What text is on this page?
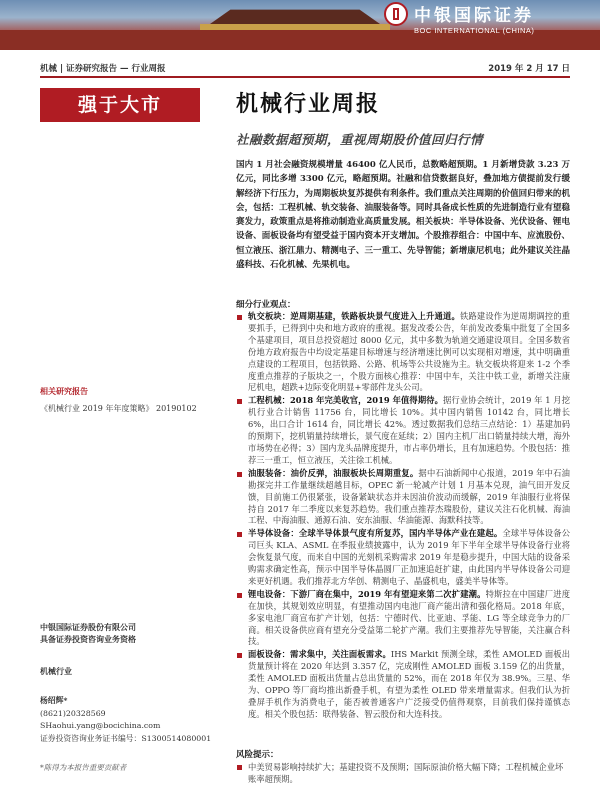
中银国际证券
BOC INTERNATIONAL (CHINA)
机械 | 证券研究报告 — 行业周报	2019 年 2 月 17 日
强于大市	机械行业周报
社融数据超预期，重视周期股价值回归行情

国内 1 月社会融资规模增量 46400 亿人民币，总数略超预期。1 月新增贷款 3.23 万亿元，同比多增 3300 亿元，略超预期。社融和信贷数据良好，叠加地方债提前发行缓解经济下行压力，为周期板块复苏提供有利条件。我们重点关注周期的价值回归带来的机会，包括：工程机械、轨交装备、油服装备等。同时具备成长性质的先进制造行业有望稳赛发力，政策重点是将推动制造业高质量发展。相关板块：半导体设备、光伏设备、锂电设备、面板设备均有望受益于国内资本开支增加。个股推荐组合：中国中车、应流股份、恒立液压、浙江鼎力、精测电子、三一重工、先导智能；新增康尼机电；此外建议关注晶盛科技、石化机械、先果机电。

细分行业观点：
轨交板块：逆周期基建，铁路板块景气度进入上升通道。铁路建设作为逆周期调控的重要抓手，已得到中央和地方政府的重视。据发改委公告，年前发改委集中批复了全国多个基建项目，项目总投资超过 8000 亿元，其中多数为轨道交通建设项目。全国多数省份地方政府报告中均设定基建目标增速与经济增速比例可以实现相对增速，其中明确重点建设的工程项目，包括铁路、公路、机场等公共设施为主。轨交板块将迎来 1-2 个季度重点推荐的子版块之一，个股方面核心推荐：中国中车，关注中铁工业，新增关注康尼机电，超跌+边际变化明显+零部件龙头公司。
工程机械：2018 年完美收官，2019 年值得期待。据行业协会统计，2019 年 1 月挖机行业合计销售 11756 台，同比增长 10%。其中国内销售 10142 台，同比增长 6%，出口合计 1614 台，同比增长 42%。透过数据我们总结三点结论：1）基建加码的预期下，挖机销量持续增长，景气度在延续；2）国内主机厂出口销量持续大增，海外市场势在必得；3）国内龙头品牌度提升，市占率仍增长，且有加速趋势。个股包括：推荐三一重工，恒立液压，关注徐工机械。
油服装备：油价反弹，油服板块长周期重复。据中石油新闻中心报道，2019 年中石油勘探完井工作量继续超越目标，OPEC 新一轮减产计划 1 月基本兑现，油气田开发反馈，目前施工仍很紧张，设备紧缺状态并未因油价波动而缓解，2019 年油服行业将保持自 2017 年二季度以来复苏趋势。我们重点推荐杰瑞股份，建议关注石化机械、海油工程、中海油服、通源石油、安东油服、华油能源、海默科技等。
半导体设备：全球半导体景气度有所复苏，国内半导体产业在建起。全球半导体设备公司巨头 KLA、ASML 在季报业绩披露中，认为 2019 年下半年全球半导体设备行业将会恢复景气度，而来自中国的光刻机采购需求 2019 年是稳步提升，中国大陆的设备采购需求确定性高，预示中国半导体晶圆厂正加速追赶扩建，由此国内半导体设备公司迎来更好机遇。我们推荐北方华创、精测电子、晶盛机电，盛美半导体等。
锂电设备：下游厂商在集中，2019 年有望迎来第二次扩建潮。特斯拉在中国建厂进度在加快，其规划效应明显，有望推动国内电池厂商产能出清和强化格局。2018 年底，多家电池厂商宣布扩产计划，包括：宁德时代、比亚迪、孚能、LG 等全球竞争力的厂商。相关设备供应商有望充分受益第二轮扩产潮。我们主要推荐先导智能，关注赢合科技。
面板设备：需求集中，关注面板需求。IHS Markit 预测全球，柔性 AMOLED 面板出货量预计将在 2020 年达到 3.357 亿，完成刚性 AMOLED 面板 3.159 亿的出货量，柔性 AMOLED 面板出货量占总出货量的 52%，而在 2018 年仅为 38.9%。三星、华为、OPPO 等厂商均推出新叠手机，有望为柔性 OLED 带来增量需求。但我们认为折叠屏手机作为消费电子，能否被普通客户广泛接受仍值得观察，目前我们保持谨慎态度。相关个股包括：联得装备、智云股份和大连科技。
风险提示：
中美贸易影响持续扩大；基建投资不及预期；国际原油价格大幅下降；工程机械企业坏账率超预期。
相关研究报告
《机械行业 2019 年年度策略》 20190102
中银国际证券股份有限公司
具备证券投资咨询业务资格
机械行业
杨绍辉*
(8621)20328569
SHaohui.yang@bocichina.com
证券投资咨询业务证书编号：S1300514080001
*陈得为本报告重要贡献者
